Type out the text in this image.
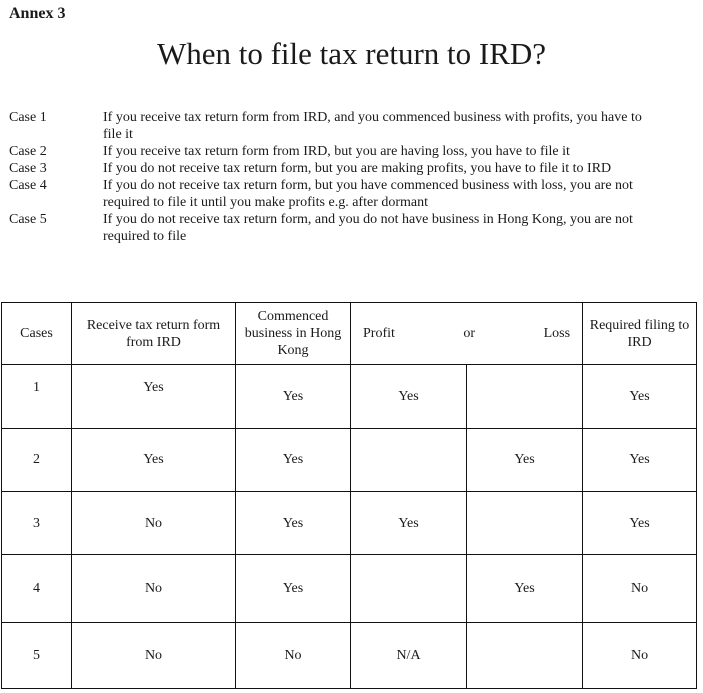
Annex 3
When to file tax return to IRD?
Case 1	If you receive tax return form from IRD, and you commenced business with profits, you have to file it
Case 2	If you receive tax return form from IRD, but you are having loss, you have to file it
Case 3	If you do not receive tax return form, but you are making profits, you have to file it to IRD
Case 4	If you do not receive tax return form, but you have commenced business with loss, you are not required to file it until you make profits e.g. after dormant
Case 5	If you do not receive tax return form, and you do not have business in Hong Kong, you are not required to file
Cases	Receive tax return form from IRD	Commenced business in Hong Kong	Profit or Loss		Required filing to IRD
1	Yes	Yes	Yes		Yes
2	Yes	Yes		Yes	Yes
3	No	Yes	Yes		Yes
4	No	Yes		Yes	No
5	No	No	N/A		No
